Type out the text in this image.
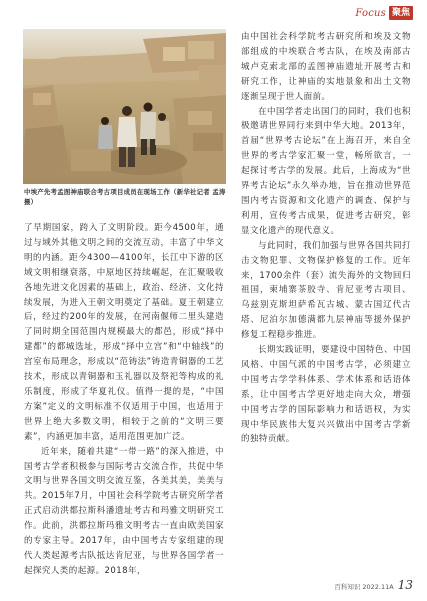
Focus 聚焦

中埃产先考孟图神庙联合考古项目成员在现场工作（新华社记者 孟涛摄）

了早期国家，跨入了文明阶段。距今4500年，通过与域外其他文明之间的交流互动，丰富了中华文明的内涵。距今4300—4100年，长江中下游的区域文明相继衰落，中原地区持续崛起，在汇聚吸收各地先进文化因素的基础上，政治、经济、文化持续发展，为进入王朝文明奠定了基础。夏王朝建立后，经过约200年的发展，在河南偃师二里头建造了同时期全国范围内规模最大的都邑，形成“择中建都”的都城选址，形成“择中立宫”和“中轴线”的宫室布局理念，形成以“范铸法”铸造青铜器的工艺技术，形成以青铜器和玉礼器以及祭祀等构成的礼乐制度，形成了华夏礼仪。值得一提的是，“中国方案”定义的文明标准不仅适用于中国，也适用于世界上绝大多数文明，相较于之前的“文明三要素”，内涵更加丰富，适用范围更加广泛。

近年来，随着共建“一带一路”的深入推进，中国考古学者积极参与国际考古交流合作，共促中华文明与世界各国文明交流互鉴，各美其美，美美与共。2015年7月，中国社会科学院考古研究所学者正式启动洪都拉斯科潘遗址考古和玛雅文明研究工作。此前，洪都拉斯玛雅文明考古一直由欧美国家的专家主导。2017年，由中国考古专家组建的现代人类起源考古队抵达肯尼亚，与世界各国学者一起探究人类的起源。2018年，

由中国社会科学院考古研究所和埃及文物部组成的中埃联合考古队，在埃及南部古城卢克索北部的孟图神庙遗址开展考古和研究工作，让神庙的实地景象和出土文物逐渐呈现于世人面前。

在中国学者走出国门的同时，我们也积极邀请世界同行来到中华大地。2013年，首届“世界考古论坛”在上海召开，来自全世界的考古学家汇聚一堂，畅所欲言，一起探讨考古学的发展。此后，上海成为“世界考古论坛”永久举办地，旨在推动世界范围内考古资源和文化遗产的调查、保护与利用，宣传考古成果，促进考古研究，彰显文化遗产的现代意义。

与此同时，我们加强与世界各国共同打击文物犯罪、文物保护修复的工作。近年来，1700余件（套）流失海外的文物回归祖国，柬埔寨茶胶寺、肯尼亚考古项目、乌兹别克斯坦萨希瓦古城、蒙古国辽代古塔、尼泊尔加德满都九层神庙等援外保护修复工程稳步推进。

长期实践证明，要建设中国特色、中国风格、中国气派的中国考古学，必须建立中国考古学学科体系、学术体系和话语体系，让中国考古学更好地走向大众，增强中国考古学的国际影响力和话语权，为实现中华民族伟大复兴兴做出中国考古学新的独特贡献。

百科知识 2022.11A 13
